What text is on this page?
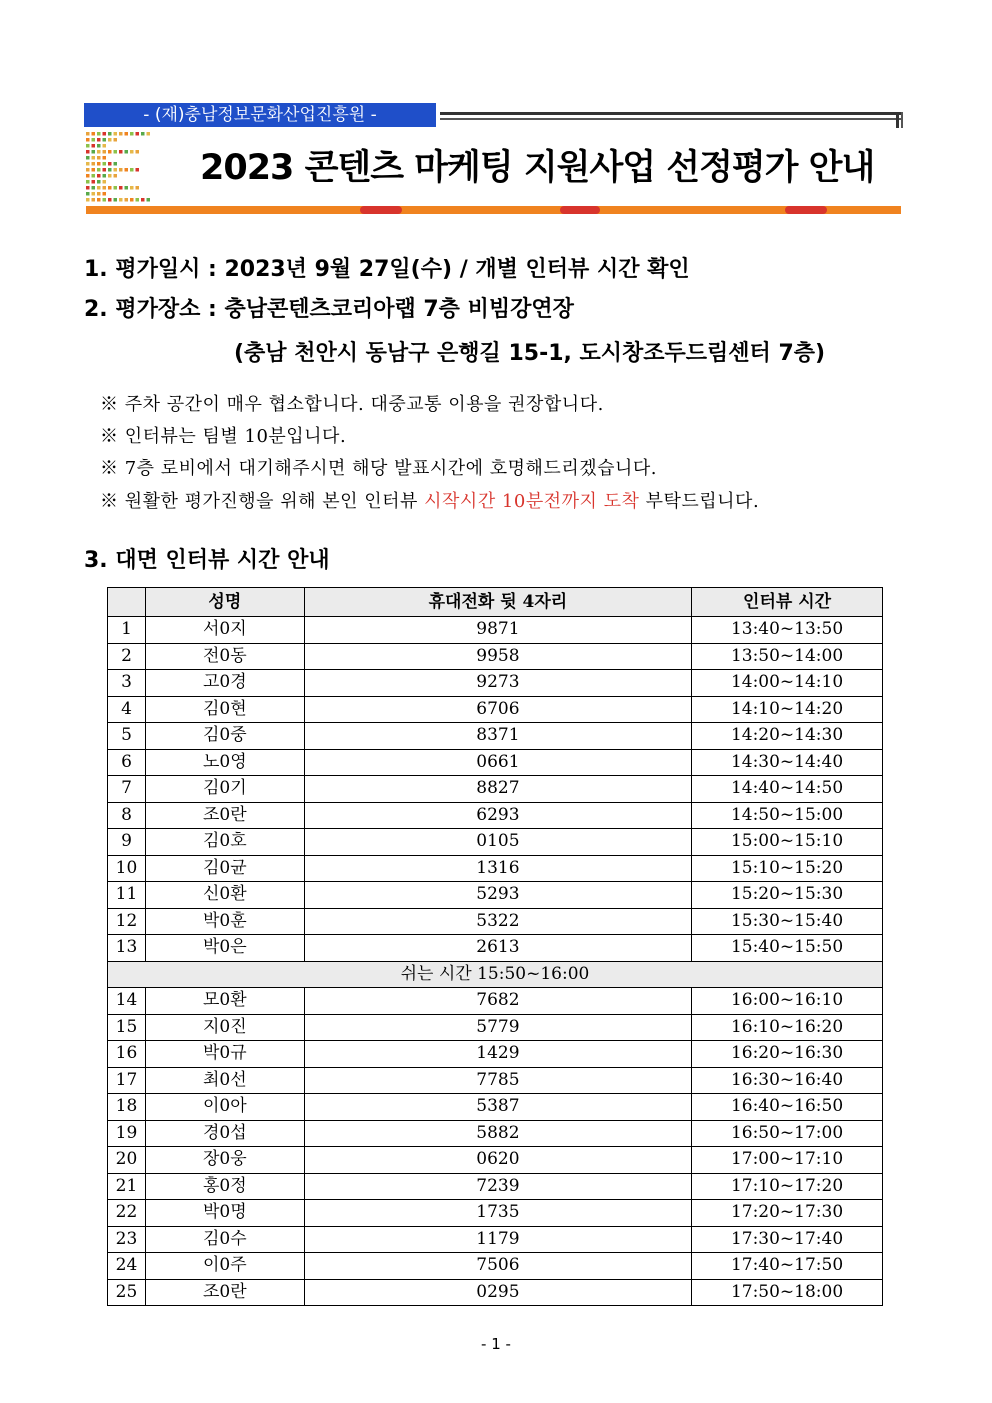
- (재)충남정보문화산업진흥원 -
2023 콘텐츠 마케팅 지원사업 선정평가 안내
1. 평가일시 : 2023년 9월 27일(수) / 개별 인터뷰 시간 확인
2. 평가장소 : 충남콘텐츠코리아랩 7층 비빔강연장
(충남 천안시 동남구 은행길 15-1, 도시창조두드림센터 7층)
※ 주차 공간이 매우 협소합니다. 대중교통 이용을 권장합니다.
※ 인터뷰는 팀별 10분입니다.
※ 7층 로비에서 대기해주시면 해당 발표시간에 호명해드리겠습니다.
※ 원활한 평가진행을 위해 본인 인터뷰 시작시간 10분전까지 도착 부탁드립니다.
3. 대면 인터뷰 시간 안내
	성명	휴대전화 뒷 4자리	인터뷰 시간
1	서0지	9871	13:40~13:50
2	전0동	9958	13:50~14:00
3	고0경	9273	14:00~14:10
4	김0현	6706	14:10~14:20
5	김0중	8371	14:20~14:30
6	노0영	0661	14:30~14:40
7	김0기	8827	14:40~14:50
8	조0란	6293	14:50~15:00
9	김0호	0105	15:00~15:10
10	김0균	1316	15:10~15:20
11	신0환	5293	15:20~15:30
12	박0훈	5322	15:30~15:40
13	박0은	2613	15:40~15:50
쉬는 시간 15:50~16:00			
14	모0환	7682	16:00~16:10
15	지0진	5779	16:10~16:20
16	박0규	1429	16:20~16:30
17	최0선	7785	16:30~16:40
18	이0아	5387	16:40~16:50
19	경0섭	5882	16:50~17:00
20	장0웅	0620	17:00~17:10
21	홍0정	7239	17:10~17:20
22	박0명	1735	17:20~17:30
23	김0수	1179	17:30~17:40
24	이0주	7506	17:40~17:50
25	조0란	0295	17:50~18:00
- 1 -
